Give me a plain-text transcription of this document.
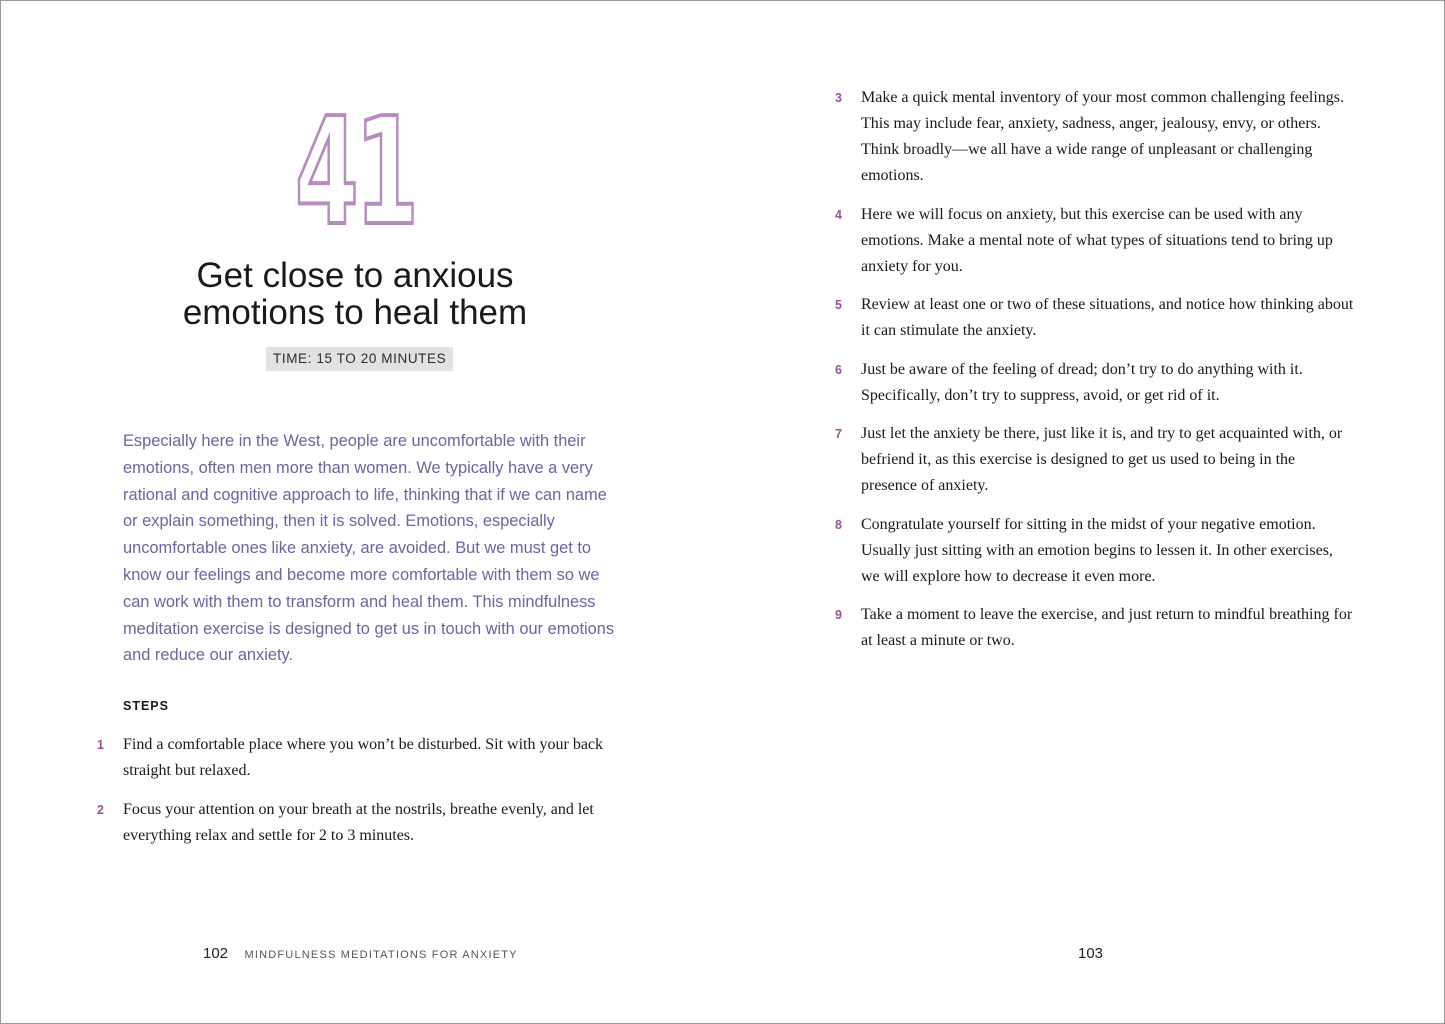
41
Get close to anxious
emotions to heal them
TIME: 15 TO 20 MINUTES

Especially here in the West, people are uncomfortable with their emotions, often men more than women. We typically have a very rational and cognitive approach to life, thinking that if we can name or explain something, then it is solved. Emotions, especially uncomfortable ones like anxiety, are avoided. But we must get to know our feelings and become more comfortable with them so we can work with them to transform and heal them. This mindfulness meditation exercise is designed to get us in touch with our emotions and reduce our anxiety.

STEPS
1 Find a comfortable place where you won’t be disturbed. Sit with your back straight but relaxed.
2 Focus your attention on your breath at the nostrils, breathe evenly, and let everything relax and settle for 2 to 3 minutes.
102 MINDFULNESS MEDITATIONS FOR ANXIETY
3 Make a quick mental inventory of your most common challenging feelings. This may include fear, anxiety, sadness, anger, jealousy, envy, or others. Think broadly—we all have a wide range of unpleasant or challenging emotions.
4 Here we will focus on anxiety, but this exercise can be used with any emotions. Make a mental note of what types of situations tend to bring up anxiety for you.
5 Review at least one or two of these situations, and notice how thinking about it can stimulate the anxiety.
6 Just be aware of the feeling of dread; don’t try to do anything with it. Specifically, don’t try to suppress, avoid, or get rid of it.
7 Just let the anxiety be there, just like it is, and try to get acquainted with, or befriend it, as this exercise is designed to get us used to being in the presence of anxiety.
8 Congratulate yourself for sitting in the midst of your negative emotion. Usually just sitting with an emotion begins to lessen it. In other exercises, we will explore how to decrease it even more.
9 Take a moment to leave the exercise, and just return to mindful breathing for at least a minute or two.
103
